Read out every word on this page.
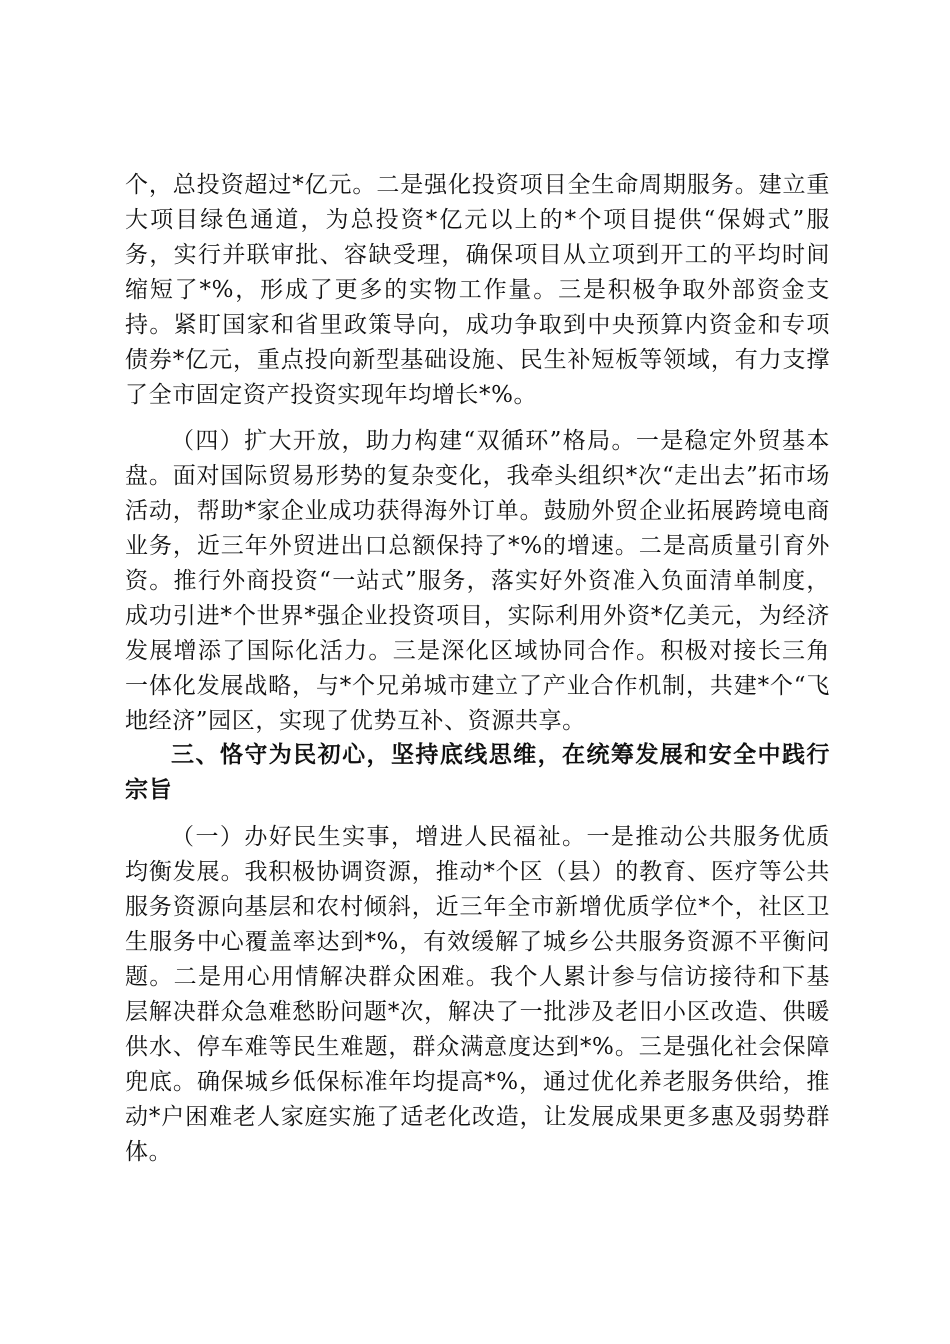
个，总投资超过*亿元。二是强化投资项目全生命周期服务。建立重大项目绿色通道，为总投资*亿元以上的*个项目提供“保姆式”服务，实行并联审批、容缺受理，确保项目从立项到开工的平均时间缩短了*%，形成了更多的实物工作量。三是积极争取外部资金支持。紧盯国家和省里政策导向，成功争取到中央预算内资金和专项债券*亿元，重点投向新型基础设施、民生补短板等领域，有力支撑了全市固定资产投资实现年均增长*%。

（四）扩大开放，助力构建“双循环”格局。一是稳定外贸基本盘。面对国际贸易形势的复杂变化，我牵头组织*次“走出去”拓市场活动，帮助*家企业成功获得海外订单。鼓励外贸企业拓展跨境电商业务，近三年外贸进出口总额保持了*%的增速。二是高质量引育外资。推行外商投资“一站式”服务，落实好外资准入负面清单制度，成功引进*个世界*强企业投资项目，实际利用外资*亿美元，为经济发展增添了国际化活力。三是深化区域协同合作。积极对接长三角一体化发展战略，与*个兄弟城市建立了产业合作机制，共建*个“飞地经济”园区，实现了优势互补、资源共享。

三、恪守为民初心，坚持底线思维，在统筹发展和安全中践行宗旨

（一）办好民生实事，增进人民福祉。一是推动公共服务优质均衡发展。我积极协调资源，推动*个区（县）的教育、医疗等公共服务资源向基层和农村倾斜，近三年全市新增优质学位*个，社区卫生服务中心覆盖率达到*%，有效缓解了城乡公共服务资源不平衡问题。二是用心用情解决群众困难。我个人累计参与信访接待和下基层解决群众急难愁盼问题*次，解决了一批涉及老旧小区改造、供暖供水、停车难等民生难题，群众满意度达到*%。三是强化社会保障兜底。确保城乡低保标准年均提高*%，通过优化养老服务供给，推动*户困难老人家庭实施了适老化改造，让发展成果更多惠及弱势群体。
